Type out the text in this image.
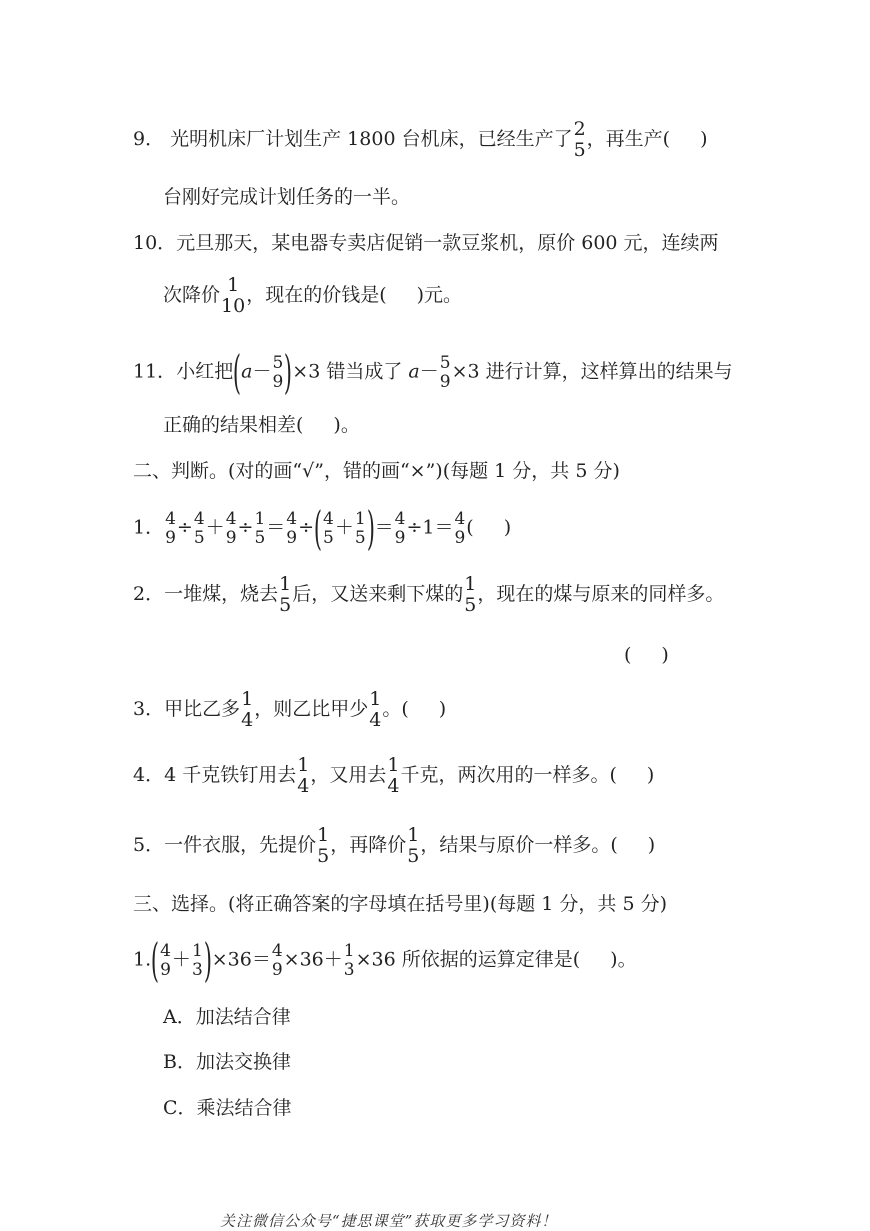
9． 光明机床厂计划生产 1800 台机床，已经生产了 2
5 ，再生产( )
台刚好完成计划任务的一半。
10．元旦那天，某电器专卖店促销一款豆浆机，原价 600 元，连续两
次降价 1
10 ，现在的价钱是( )元。
11．小红把(a－ 5
9 )×3 错当成了 a－ 5
9 ×3 进行计算，这样算出的结果与
正确的结果相差( )。
二、判断。(对的画“√”，错的画“×”)(每题 1 分，共 5 分)
1． 4
9 ÷ 4
5 ＋ 4
9 ÷ 1
5 ＝ 4
9 ÷( 4
5 ＋ 1
5 )＝ 4
9 ÷1＝ 4
9 ( )
2．一堆煤，烧去 1
5 后，又送来剩下煤的 1
5 ，现在的煤与原来的同样多。
( )
3．甲比乙多 1
4 ，则乙比甲少 1
4 。( )
4．4 千克铁钉用去 1
4 ，又用去 1
4 千克，两次用的一样多。( )
5．一件衣服，先提价 1
5 ，再降价 1
5 ，结果与原价一样多。( )
三、选择。(将正确答案的字母填在括号里)(每题 1 分，共 5 分)
1.( 4
9 ＋ 1
3 )×36＝ 4
9 ×36＋ 1
3 ×36 所依据的运算定律是( )。
A．加法结合律
B．加法交换律
C．乘法结合律
关注微信公众号“捷思课堂”获取更多学习资料！
